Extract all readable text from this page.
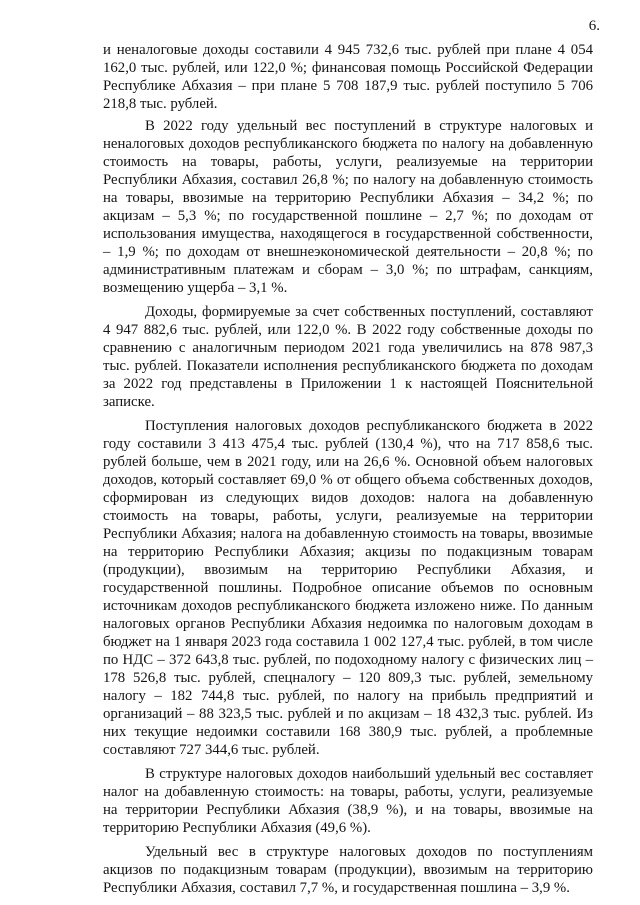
6.

и неналоговые доходы составили 4 945 732,6 тыс. рублей при плане 4 054 162,0 тыс. рублей, или 122,0 %; финансовая помощь Российской Федерации Республике Абхазия – при плане 5 708 187,9 тыс. рублей поступило 5 706 218,8 тыс. рублей.

В 2022 году удельный вес поступлений в структуре налоговых и неналоговых доходов республиканского бюджета по налогу на добавленную стоимость на товары, работы, услуги, реализуемые на территории Республики Абхазия, составил 26,8 %; по налогу на добавленную стоимость на товары, ввозимые на территорию Республики Абхазия – 34,2 %; по акцизам – 5,3 %; по государственной пошлине – 2,7 %; по доходам от использования имущества, находящегося в государственной собственности, – 1,9 %; по доходам от внешнеэкономической деятельности – 20,8 %; по административным платежам и сборам – 3,0 %; по штрафам, санкциям, возмещению ущерба – 3,1 %.

Доходы, формируемые за счет собственных поступлений, составляют 4 947 882,6 тыс. рублей, или 122,0 %. В 2022 году собственные доходы по сравнению с аналогичным периодом 2021 года увеличились на 878 987,3 тыс. рублей. Показатели исполнения республиканского бюджета по доходам за 2022 год представлены в Приложении 1 к настоящей Пояснительной записке.

Поступления налоговых доходов республиканского бюджета в 2022 году составили 3 413 475,4 тыс. рублей (130,4 %), что на 717 858,6 тыс. рублей больше, чем в 2021 году, или на 26,6 %. Основной объем налоговых доходов, который составляет 69,0 % от общего объема собственных доходов, сформирован из следующих видов доходов: налога на добавленную стоимость на товары, работы, услуги, реализуемые на территории Республики Абхазия; налога на добавленную стоимость на товары, ввозимые на территорию Республики Абхазия; акцизы по подакцизным товарам (продукции), ввозимым на территорию Республики Абхазия, и государственной пошлины. Подробное описание объемов по основным источникам доходов республиканского бюджета изложено ниже. По данным налоговых органов Республики Абхазия недоимка по налоговым доходам в бюджет на 1 января 2023 года составила 1 002 127,4 тыс. рублей, в том числе по НДС – 372 643,8 тыс. рублей, по подоходному налогу с физических лиц –178 526,8 тыс. рублей, спецналогу – 120 809,3 тыс. рублей, земельному налогу – 182 744,8 тыс. рублей, по налогу на прибыль предприятий и организаций – 88 323,5 тыс. рублей и по акцизам – 18 432,3 тыс. рублей. Из них текущие недоимки составили 168 380,9 тыс. рублей, а проблемные составляют 727 344,6 тыс. рублей.

В структуре налоговых доходов наибольший удельный вес составляет налог на добавленную стоимость: на товары, работы, услуги, реализуемые на территории Республики Абхазия (38,9 %), и на товары, ввозимые на территорию Республики Абхазия (49,6 %).

Удельный вес в структуре налоговых доходов по поступлениям акцизов по подакцизным товарам (продукции), ввозимым на территорию Республики Абхазия, составил 7,7 %, и государственная пошлина – 3,9 %.
